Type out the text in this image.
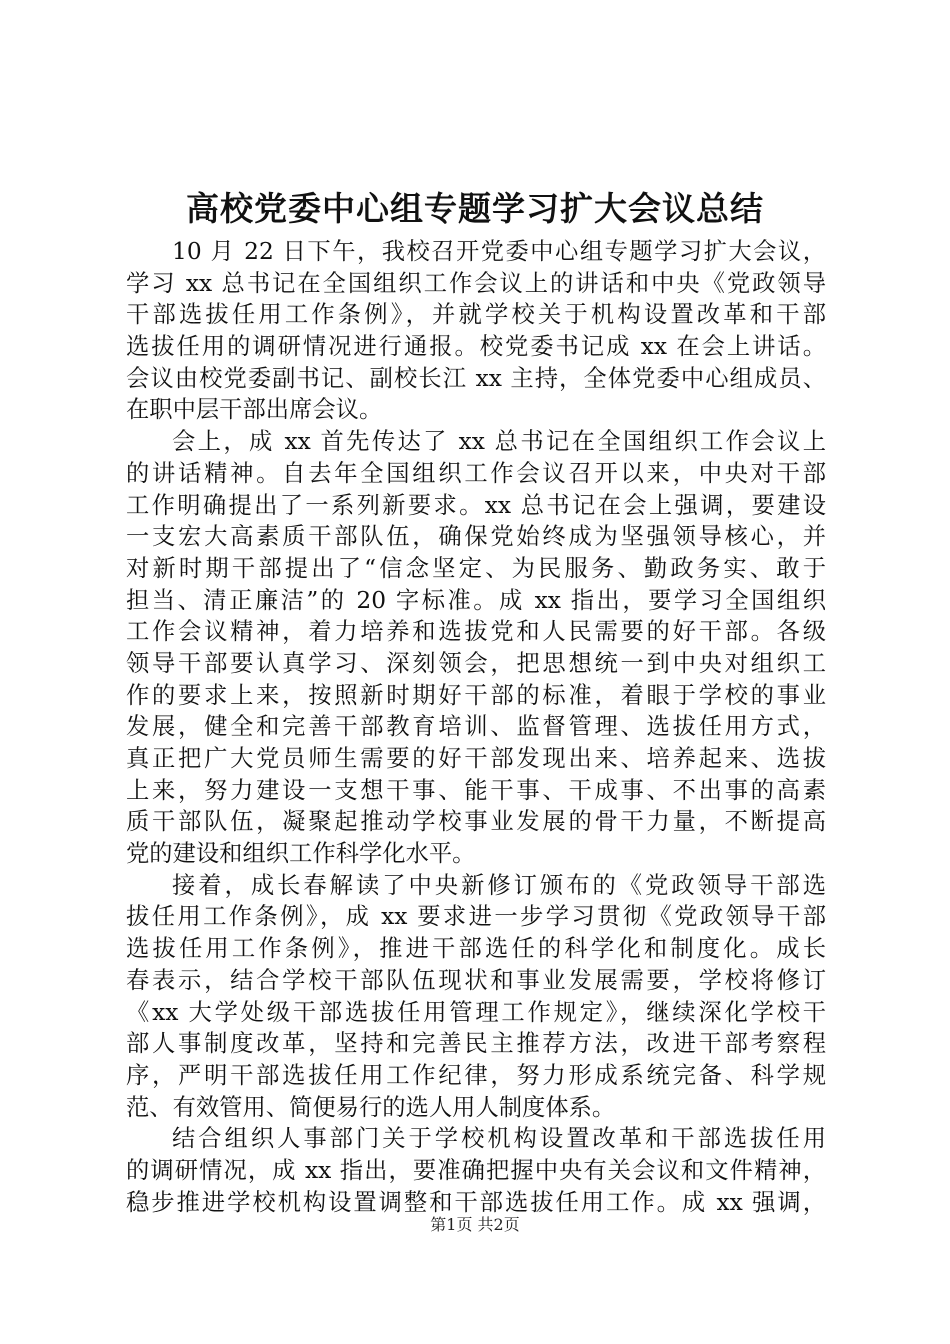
高校党委中心组专题学习扩大会议总结
10 月 22 日下午，我校召开党委中心组专题学习扩大会议，
学习 xx 总书记在全国组织工作会议上的讲话和中央《党政领导
干部选拔任用工作条例》，并就学校关于机构设置改革和干部
选拔任用的调研情况进行通报。校党委书记成 xx 在会上讲话。
会议由校党委副书记、副校长江 xx 主持，全体党委中心组成员、
在职中层干部出席会议。
会上，成 xx 首先传达了 xx 总书记在全国组织工作会议上
的讲话精神。自去年全国组织工作会议召开以来，中央对干部
工作明确提出了一系列新要求。xx 总书记在会上强调，要建设
一支宏大高素质干部队伍，确保党始终成为坚强领导核心，并
对新时期干部提出了“信念坚定、为民服务、勤政务实、敢于
担当、清正廉洁”的 20 字标准。成 xx 指出，要学习全国组织
工作会议精神，着力培养和选拔党和人民需要的好干部。各级
领导干部要认真学习、深刻领会，把思想统一到中央对组织工
作的要求上来，按照新时期好干部的标准，着眼于学校的事业
发展，健全和完善干部教育培训、监督管理、选拔任用方式，
真正把广大党员师生需要的好干部发现出来、培养起来、选拔
上来，努力建设一支想干事、能干事、干成事、不出事的高素
质干部队伍，凝聚起推动学校事业发展的骨干力量，不断提高
党的建设和组织工作科学化水平。
接着，成长春解读了中央新修订颁布的《党政领导干部选
拔任用工作条例》，成 xx 要求进一步学习贯彻《党政领导干部
选拔任用工作条例》，推进干部选任的科学化和制度化。成长
春表示，结合学校干部队伍现状和事业发展需要，学校将修订
《xx 大学处级干部选拔任用管理工作规定》，继续深化学校干
部人事制度改革，坚持和完善民主推荐方法，改进干部考察程
序，严明干部选拔任用工作纪律，努力形成系统完备、科学规
范、有效管用、简便易行的选人用人制度体系。
结合组织人事部门关于学校机构设置改革和干部选拔任用
的调研情况，成 xx 指出，要准确把握中央有关会议和文件精神，
稳步推进学校机构设置调整和干部选拔任用工作。成 xx 强调，
第1页 共2页
